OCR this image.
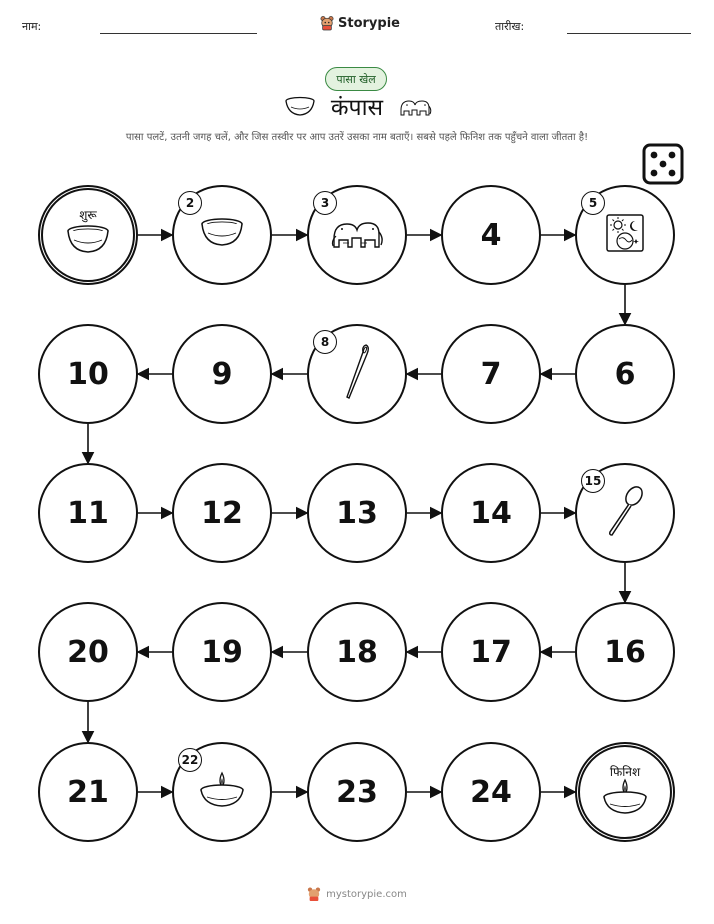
नाम:	Storypie	तारीख:
पासा खेल
कंपास
पासा पलटें, उतनी जगह चलें, और जिस तस्वीर पर आप उतरें उसका नाम बताएँ। सबसे पहले फिनिश तक पहुँचने वाला जीतता है!
शुरू
2	3
4
5
6
7
8
9
10
11	12	13	14
15
16
17
18
19
20
21
22
23	24
फिनिश
mystorypie.com
